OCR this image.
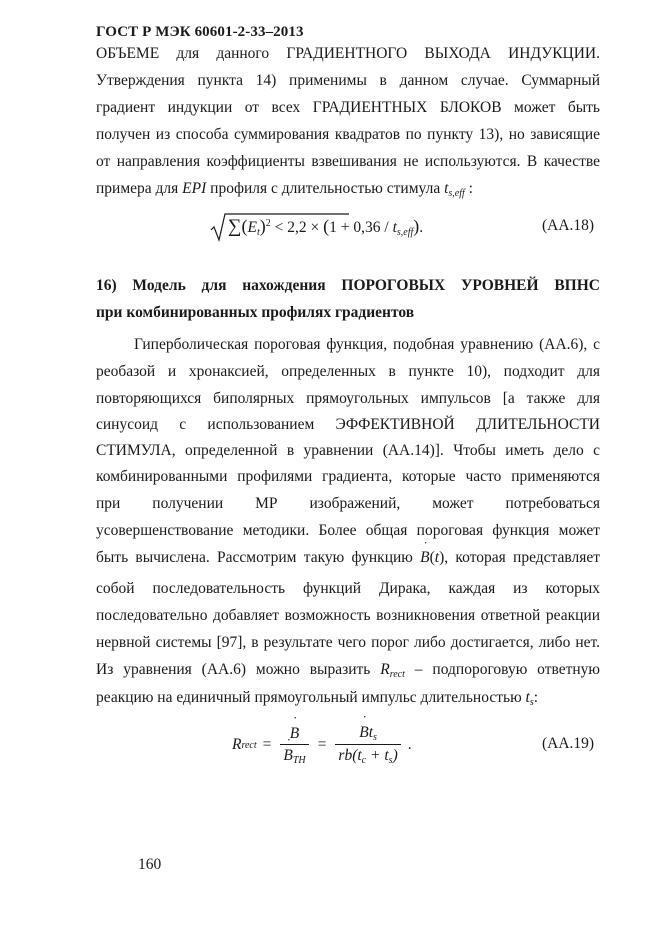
ГОСТ Р МЭК 60601-2-33–2013
ОБЪЕМЕ для данного ГРАДИЕНТНОГО ВЫХОДА ИНДУКЦИИ.
Утверждения пункта 14) применимы в данном случае. Суммарный
градиент индукции от всех ГРАДИЕНТНЫХ БЛОКОВ может быть
получен из способа суммирования квадратов по пункту 13), но зависящие
от направления коэффициенты взвешивания не используются. В качестве
примера для EPI профиля с длительностью стимула $t_{s,eff}$ :
$\sum(E_t)^2 < 2,2 \times (1 + 0,36 / t_{s,eff})$.	(АА.18)
16) Модель для нахождения ПОРОГОВЫХ УРОВНЕЙ ВПНС
при комбинированных профилях градиентов
Гиперболическая пороговая функция, подобная уравнению (АА.6), с
реобазой и хронаксией, определенных в пункте 10), подходит для
повторяющихся биполярных прямоугольных импульсов [а также для
синусоид с использованием ЭФФЕКТИВНОЙ ДЛИТЕЛЬНОСТИ
СТИМУЛА, определенной в уравнении (АА.14)]. Чтобы иметь дело с
комбинированными профилями градиента, которые часто применяются
при получении МР изображений, может потребоваться
усовершенствование методики. Более общая пороговая функция может
быть вычислена. Рассмотрим такую функцию ˙ B(t), которая представляет
собой последовательность функций Дирака, каждая из которых
последовательно добавляет возможность возникновения ответной реакции
нервной системы [97], в результате чего порог либо достигается, либо нет.
Из уравнения (АА.6) можно выразить $R_{rect}$ – подпороговую ответную
реакцию на единичный прямоугольный импульс длительностью $t_s$:
R rect = ˙ B
˙ $B_{TH}$ = ˙ $\frac{Bt_s}{rb(t_c + t_s)}$ .	(АА.19)
160
